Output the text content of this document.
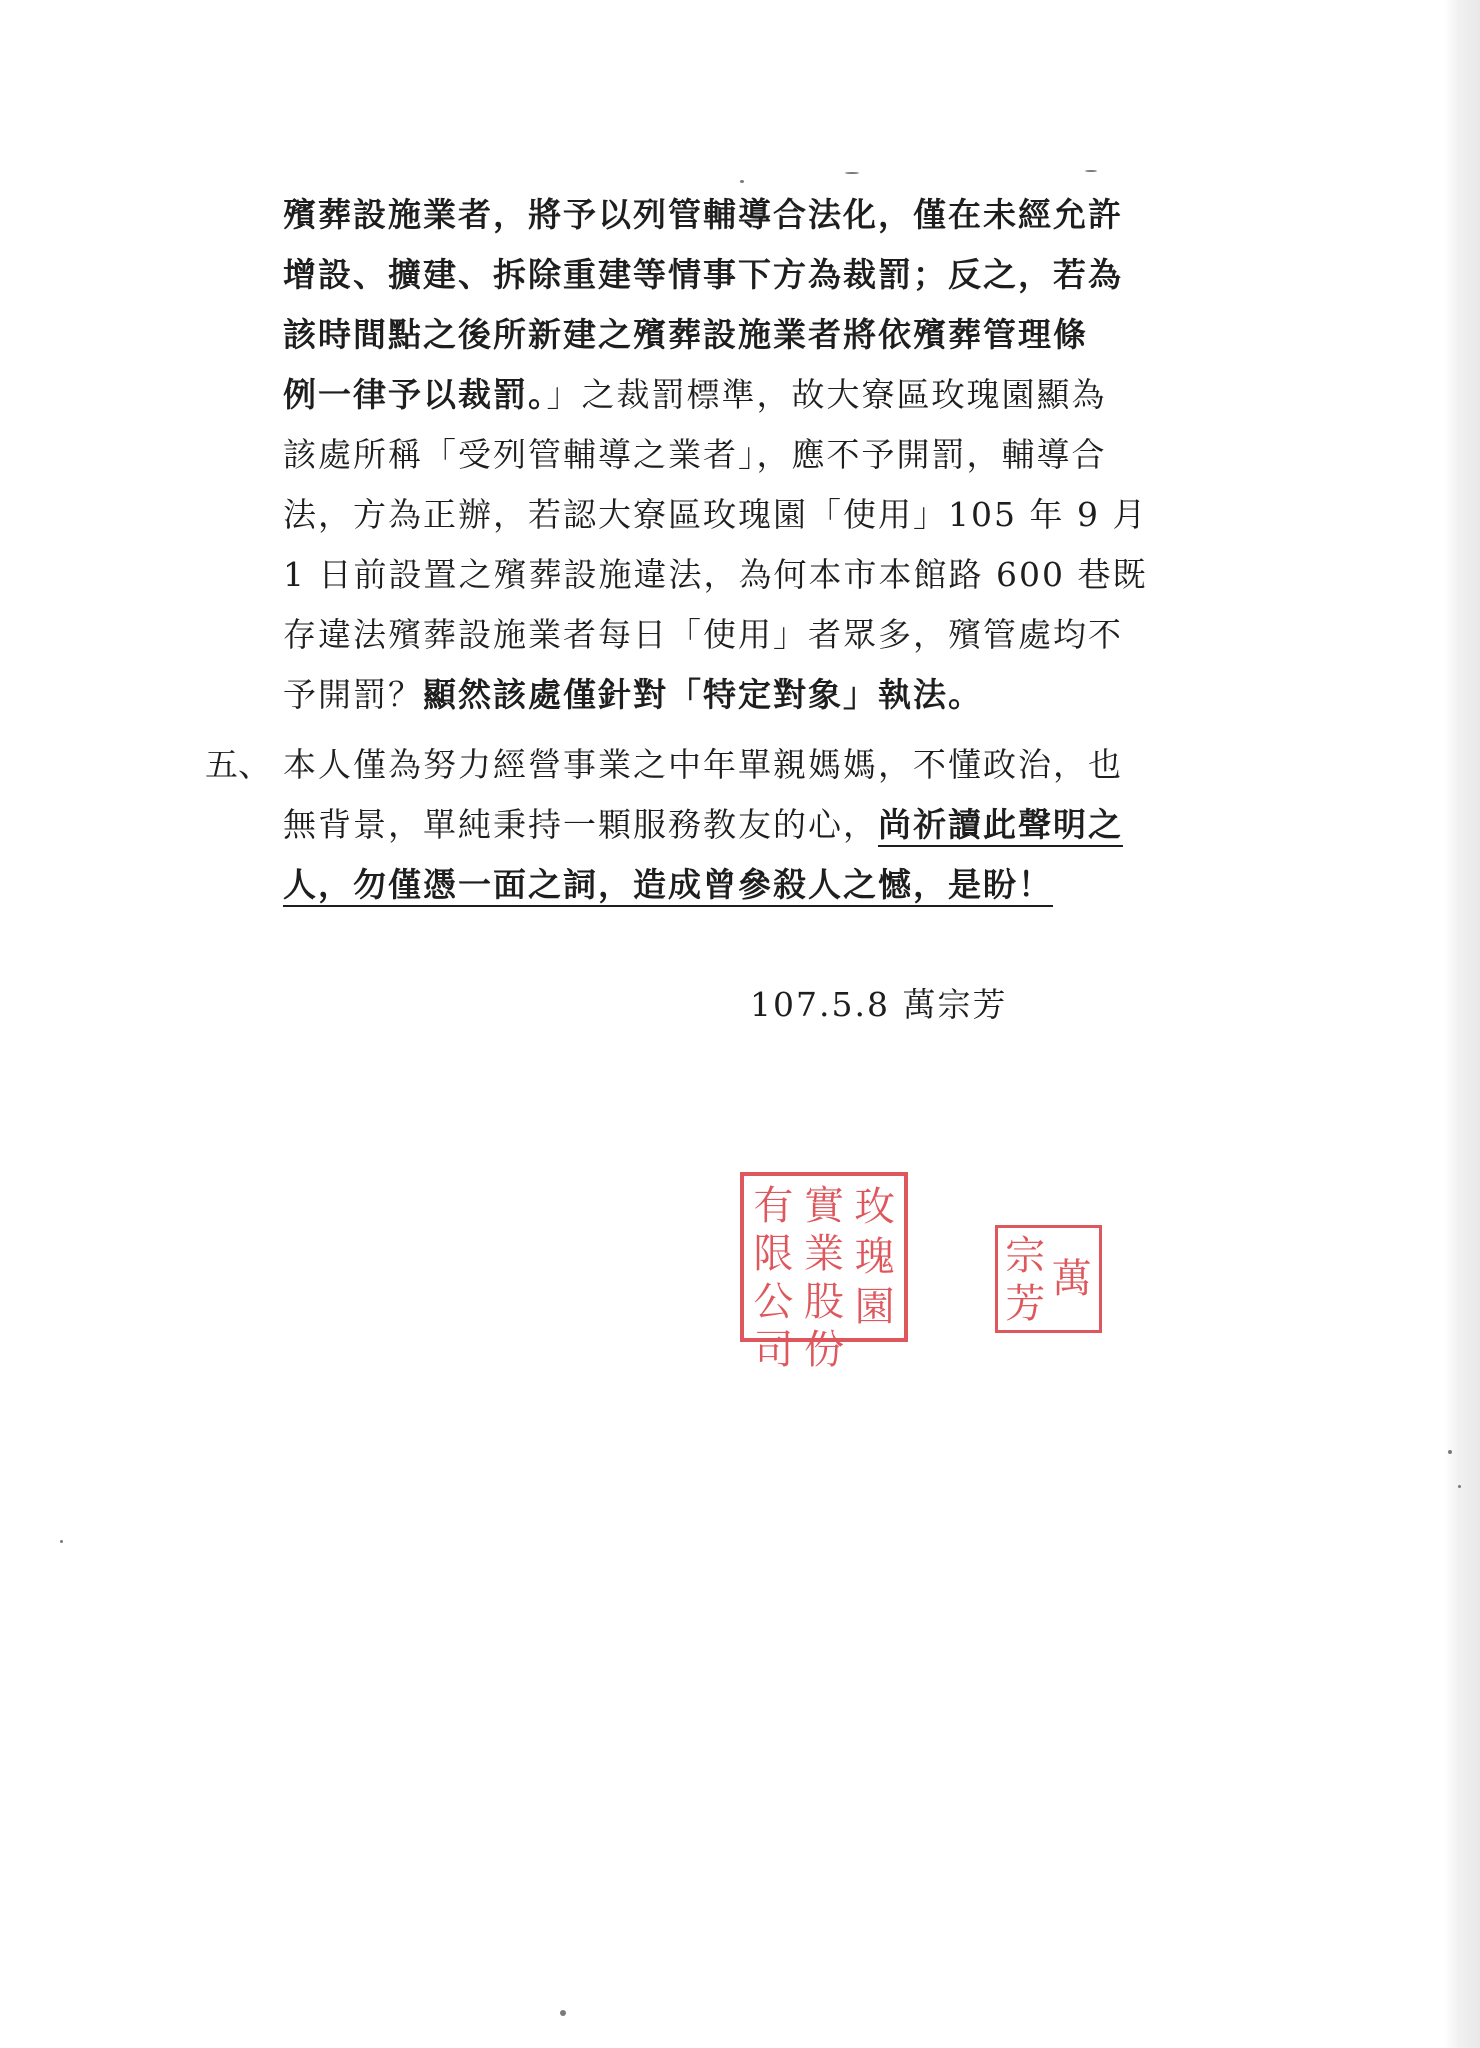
殯葬設施業者，將予以列管輔導合法化，僅在未經允許
增設、擴建、拆除重建等情事下方為裁罰；反之，若為
該時間點之後所新建之殯葬設施業者將依殯葬管理條
例一律予以裁罰。」之裁罰標準，故大寮區玫瑰園顯為
該處所稱「受列管輔導之業者」，應不予開罰，輔導合
法，方為正辦，若認大寮區玫瑰園「使用」105 年 9 月
1 日前設置之殯葬設施違法，為何本市本館路 600 巷既
存違法殯葬設施業者每日「使用」者眾多，殯管處均不
予開罰？顯然該處僅針對「特定對象」執法。
五、 本人僅為努力經營事業之中年單親媽媽，不懂政治，也
無背景，單純秉持一顆服務教友的心，尚祈讀此聲明之
人，勿僅憑一面之詞，造成曾參殺人之憾，是盼！
107.5.8 萬宗芳
玫
瑰
園
實
業
股
份
有
限
公
司
萬
宗
芳
